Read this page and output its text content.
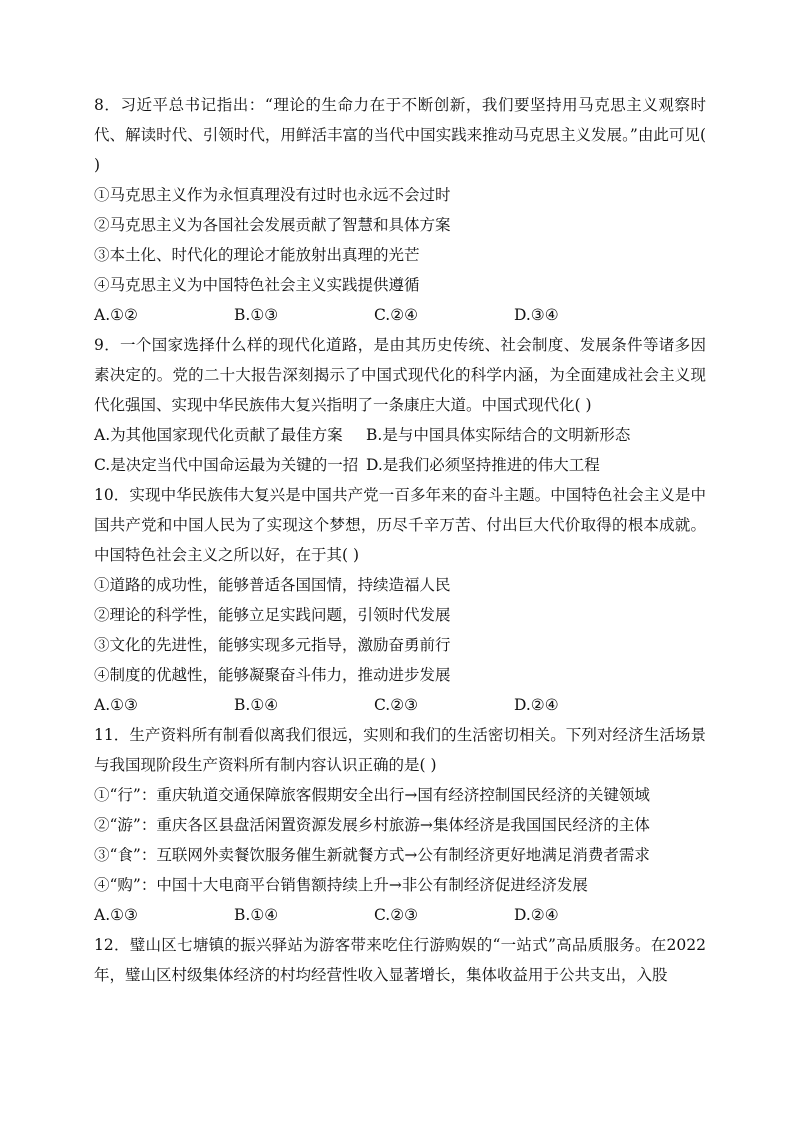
8．习近平总书记指出：“理论的生命力在于不断创新，我们要坚持用马克思主义观察时代、解读时代、引领时代，用鲜活丰富的当代中国实践来推动马克思主义发展。”由此可见( )

①马克思主义作为永恒真理没有过时也永远不会过时

②马克思主义为各国社会发展贡献了智慧和具体方案

③本土化、时代化的理论才能放射出真理的光芒

④马克思主义为中国特色社会主义实践提供遵循

A.①②	B.①③	C.②④	D.③④

9．一个国家选择什么样的现代化道路，是由其历史传统、社会制度、发展条件等诸多因素决定的。党的二十大报告深刻揭示了中国式现代化的科学内涵，为全面建成社会主义现代化强国、实现中华民族伟大复兴指明了一条康庄大道。中国式现代化( )

A.为其他国家现代化贡献了最佳方案	B.是与中国具体实际结合的文明新形态
C.是决定当代中国命运最为关键的一招 D.是我们必须坚持推进的伟大工程

10．实现中华民族伟大复兴是中国共产党一百多年来的奋斗主题。中国特色社会主义是中国共产党和中国人民为了实现这个梦想，历尽千辛万苦、付出巨大代价取得的根本成就。中国特色社会主义之所以好，在于其( )

①道路的成功性，能够普适各国国情，持续造福人民

②理论的科学性，能够立足实践问题，引领时代发展

③文化的先进性，能够实现多元指导，激励奋勇前行

④制度的优越性，能够凝聚奋斗伟力，推动进步发展

A.①③	B.①④	C.②③	D.②④

11．生产资料所有制看似离我们很远，实则和我们的生活密切相关。下列对经济生活场景与我国现阶段生产资料所有制内容认识正确的是( )

①“行”：重庆轨道交通保障旅客假期安全出行→国有经济控制国民经济的关键领域

②“游”：重庆各区县盘活闲置资源发展乡村旅游→集体经济是我国国民经济的主体

③“食”：互联网外卖餐饮服务催生新就餐方式→公有制经济更好地满足消费者需求

④“购”：中国十大电商平台销售额持续上升→非公有制经济促进经济发展

A.①③	B.①④	C.②③	D.②④

12．璧山区七塘镇的振兴驿站为游客带来吃住行游购娱的“一站式”高品质服务。在2022年，璧山区村级集体经济的村均经营性收入显著增长，集体收益用于公共支出，入股
